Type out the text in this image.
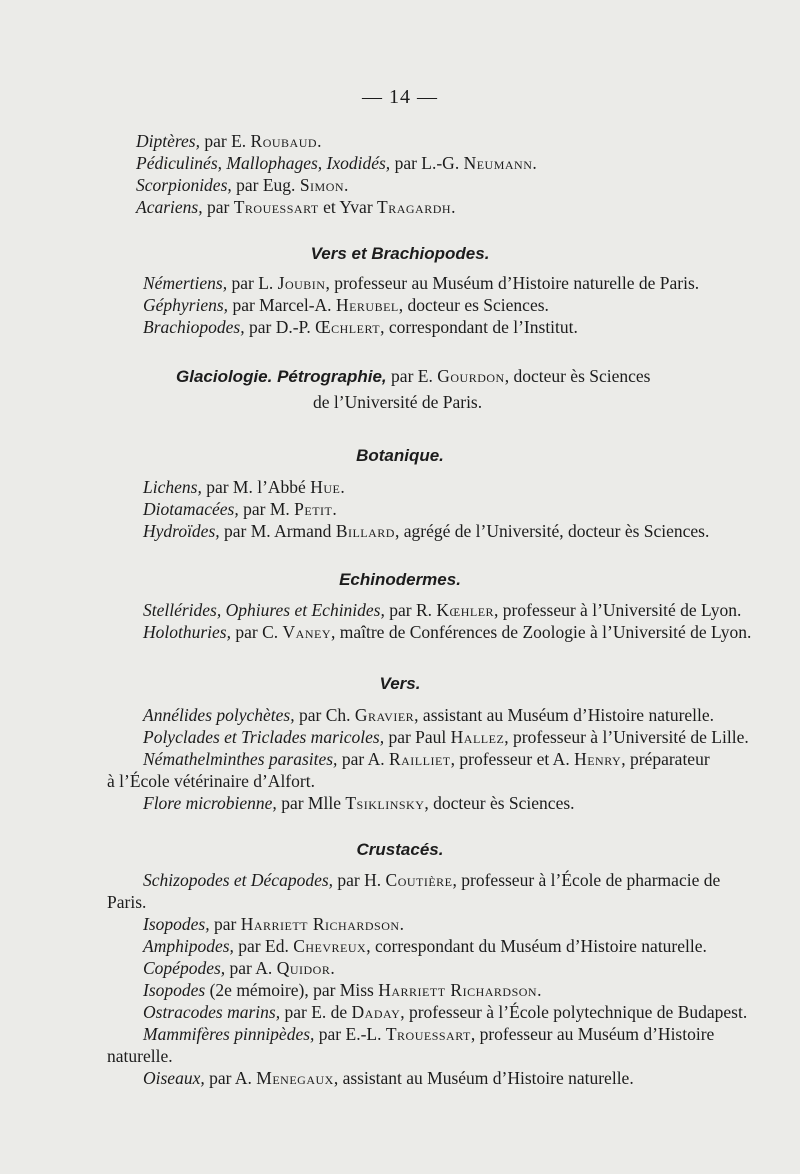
— 14 —
Diptères, par E. Roubaud.
Pédiculinés, Mallophages, Ixodidés, par L.-G. Neumann.
Scorpionides, par Eug. Simon.
Acariens, par Trouessart et Yvar Tragardh.
Vers et Brachiopodes.
Némertiens, par L. Joubin, professeur au Muséum d’Histoire naturelle de Paris.
Géphyriens, par Marcel-A. Herubel, docteur es Sciences.
Brachiopodes, par D.-P. Œchlert, correspondant de l’Institut.
Glaciologie. Pétrographie, par E. Gourdon, docteur ès Sciences
de l’Université de Paris.
Botanique.
Lichens, par M. l’Abbé Hue.
Diotamacées, par M. Petit.
Hydroïdes, par M. Armand Billard, agrégé de l’Université, docteur ès Sciences.
Echinodermes.
Stellérides, Ophiures et Echinides, par R. Kœhler, professeur à l’Université de Lyon.
Holothuries, par C. Vaney, maître de Conférences de Zoologie à l’Université de Lyon.
Vers.
Annélides polychètes, par Ch. Gravier, assistant au Muséum d’Histoire naturelle.
Polyclades et Triclades maricoles, par Paul Hallez, professeur à l’Université de Lille.
Némathelminthes parasites, par A. Railliet, professeur et A. Henry, préparateur
à l’École vétérinaire d’Alfort.
Flore microbienne, par Mlle Tsiklinsky, docteur ès Sciences.
Crustacés.
Schizopodes et Décapodes, par H. Coutière, professeur à l’École de pharmacie de
Paris.
Isopodes, par Harriett Richardson.
Amphipodes, par Ed. Chevreux, correspondant du Muséum d’Histoire naturelle.
Copépodes, par A. Quidor.
Isopodes (2e mémoire), par Miss Harriett Richardson.
Ostracodes marins, par E. de Daday, professeur à l’École polytechnique de Budapest.
Mammifères pinnipèdes, par E.-L. Trouessart, professeur au Muséum d’Histoire
naturelle.
Oiseaux, par A. Menegaux, assistant au Muséum d’Histoire naturelle.
